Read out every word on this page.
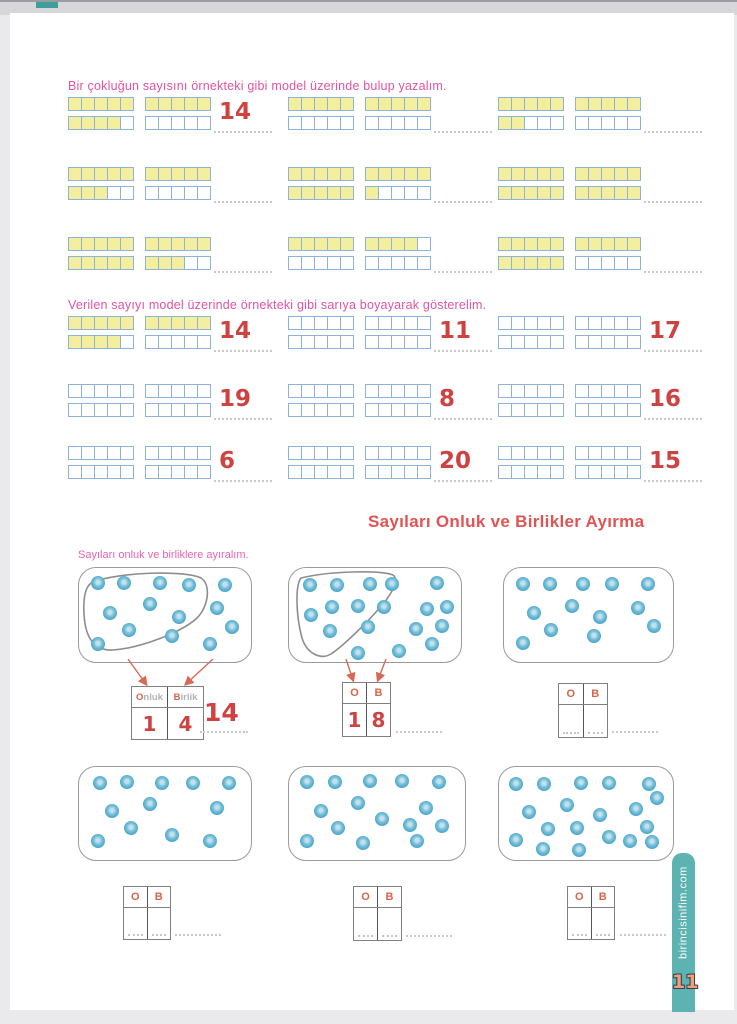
Bir çokluğun sayısını örnekteki gibi model üzerinde bulup yazalım.
14
Verilen sayıyı model üzerinde örnekteki gibi sarıya boyayarak gösterelim.
14	11	17
19	8	16
6	20	15
Sayıları Onluk ve Birlikler Ayırma
Sayıları onluk ve birliklere ayıralım.
O nluk B irlik
1	4 14
O B
1 8
O B
O B	O B	O B	birincisinifim.com
11
